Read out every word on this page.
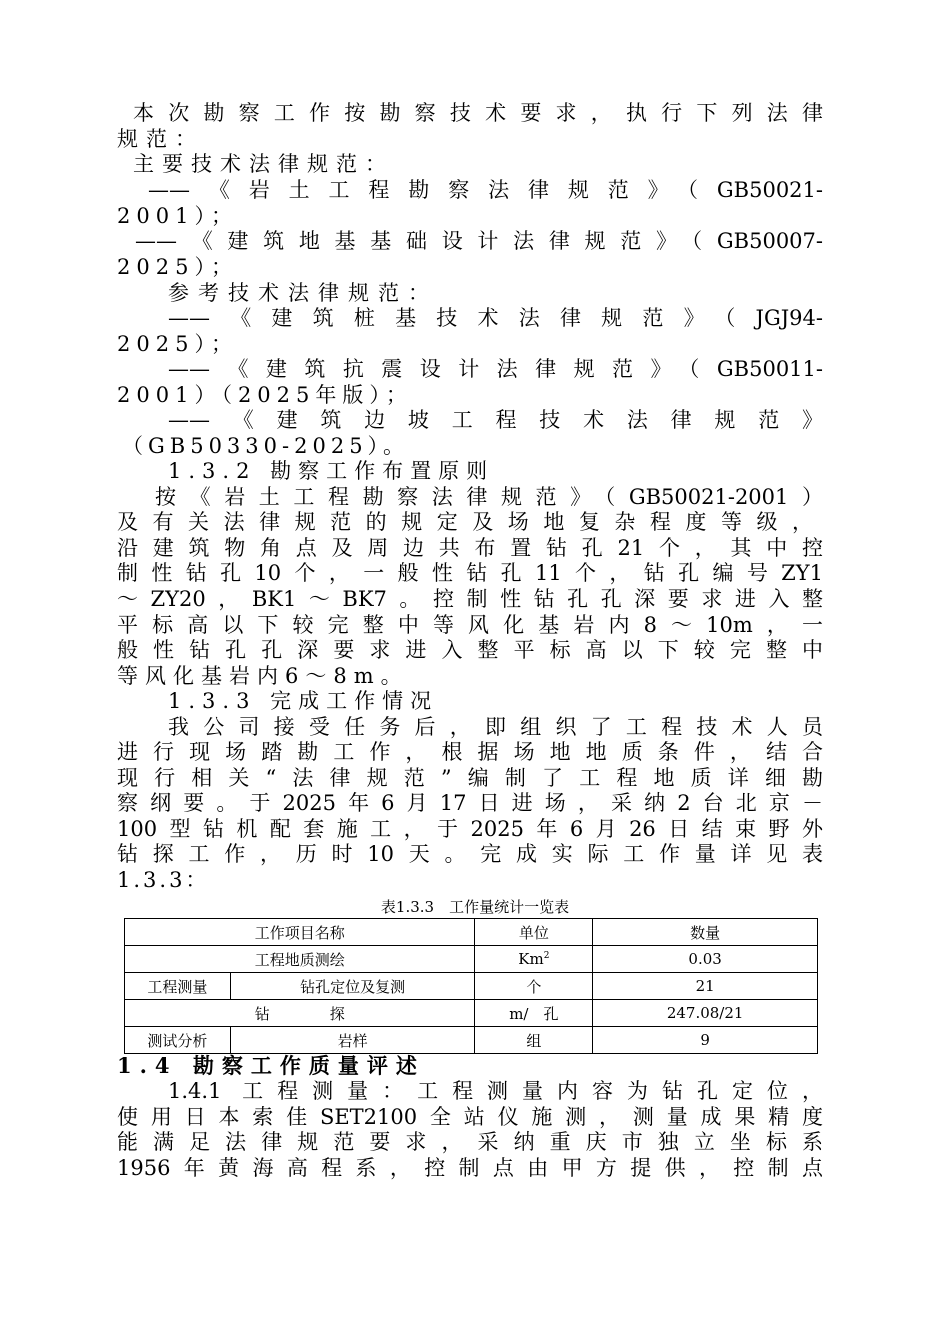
本次勘察工作按勘察技术要求，执行下列法律
规范：
主要技术法律规范：
——《岩土工程勘察法律规范》（GB50021-
2001）；
——《建筑地基基础设计法律规范》（GB50007-
2025）；
参考技术法律规范：
——《建筑桩基技术法律规范》（JGJ94-
2025）；
——《建筑抗震设计法律规范》（GB50011-
2001）（2025年版）；
——《建筑边坡工程技术法律规范》
（GB50330-2025）。
1.3.2 勘察工作布置原则
按《岩土工程勘察法律规范》（GB50021-2001）
及有关法律规范的规定及场地复杂程度等级，
沿建筑物角点及周边共布置钻孔21个，其中控
制性钻孔10个，一般性钻孔11个，钻孔编号ZY1
～ZY20，BK1～BK7。控制性钻孔孔深要求进入整
平标高以下较完整中等风化基岩内8～10m，一
般性钻孔孔深要求进入整平标高以下较完整中
等风化基岩内6～8m。
1.3.3 完成工作情况
我公司接受任务后，即组织了工程技术人员
进行现场踏勘工作，根据场地地质条件，结合
现行相关“法律规范”编制了工程地质详细勘
察纲要。于2025年6月17日进场，采纳2台北京－
100型钻机配套施工，于2025年6月26日结束野外
钻探工作，历时10天。完成实际工作量详见表
1.3.3：
表1.3.3　工作量统计一览表
工作项目名称		单位	数量
工程地质测绘		Km$^2$	0.03
工程测量	钻孔定位及复测	个	21
钻　　　　探		m/　孔	247.08/21
测试分析	岩样	组	9
1.4 勘察工作质量评述
1.4.1 工程测量：工程测量内容为钻孔定位，
使用日本索佳SET2100全站仪施测，测量成果精度
能满足法律规范要求，采纳重庆市独立坐标系
1956年黄海高程系，控制点由甲方提供，控制点
